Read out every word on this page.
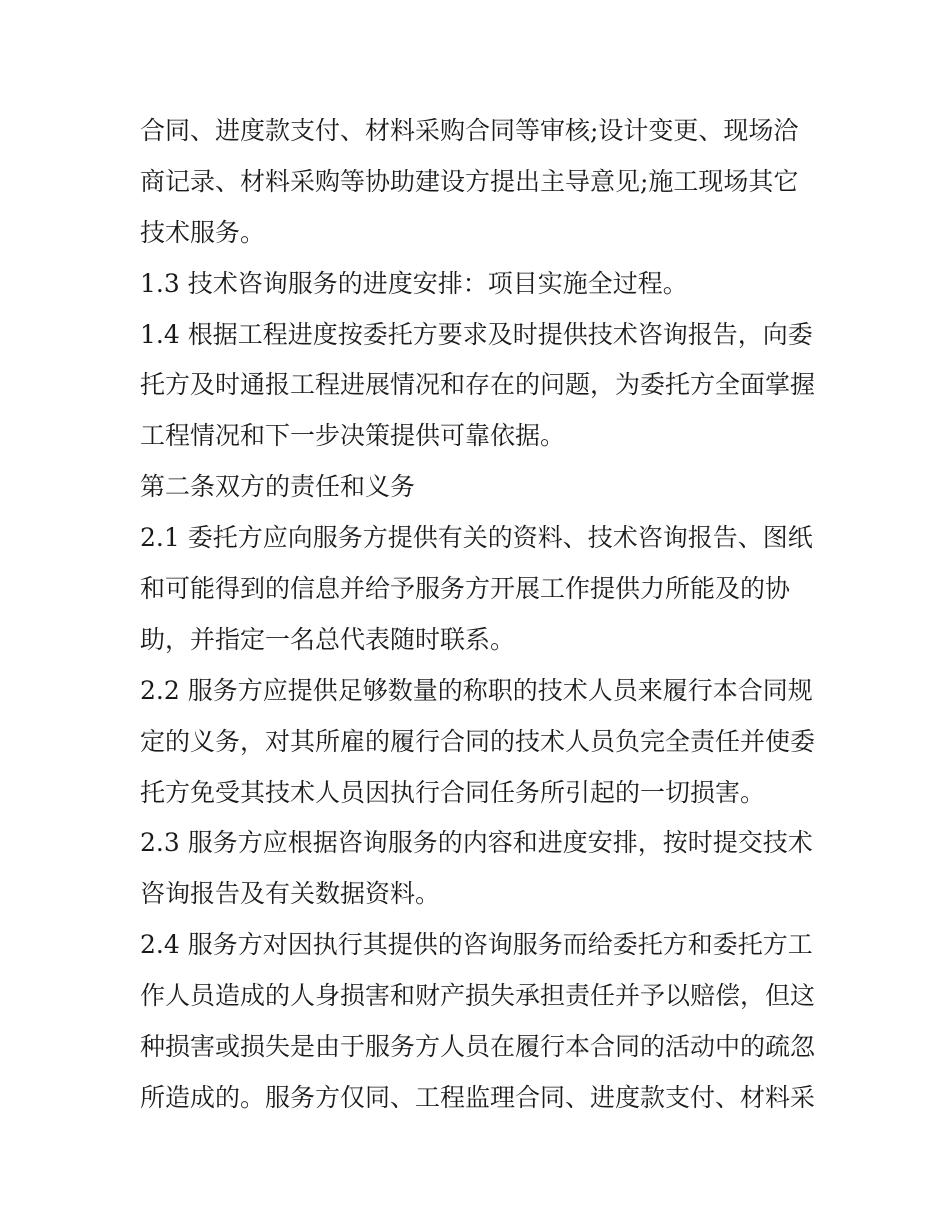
合同、进度款支付、材料采购合同等审核;设计变更、现场洽
商记录、材料采购等协助建设方提出主导意见;施工现场其它
技术服务。
1.3 技术咨询服务的进度安排：项目实施全过程。
1.4 根据工程进度按委托方要求及时提供技术咨询报告，向委
托方及时通报工程进展情况和存在的问题，为委托方全面掌握
工程情况和下一步决策提供可靠依据。
第二条双方的责任和义务
2.1 委托方应向服务方提供有关的资料、技术咨询报告、图纸
和可能得到的信息并给予服务方开展工作提供力所能及的协
助，并指定一名总代表随时联系。
2.2 服务方应提供足够数量的称职的技术人员来履行本合同规
定的义务，对其所雇的履行合同的技术人员负完全责任并使委
托方免受其技术人员因执行合同任务所引起的一切损害。
2.3 服务方应根据咨询服务的内容和进度安排，按时提交技术
咨询报告及有关数据资料。
2.4 服务方对因执行其提供的咨询服务而给委托方和委托方工
作人员造成的人身损害和财产损失承担责任并予以赔偿，但这
种损害或损失是由于服务方人员在履行本合同的活动中的疏忽
所造成的。服务方仅同、工程监理合同、进度款支付、材料采
